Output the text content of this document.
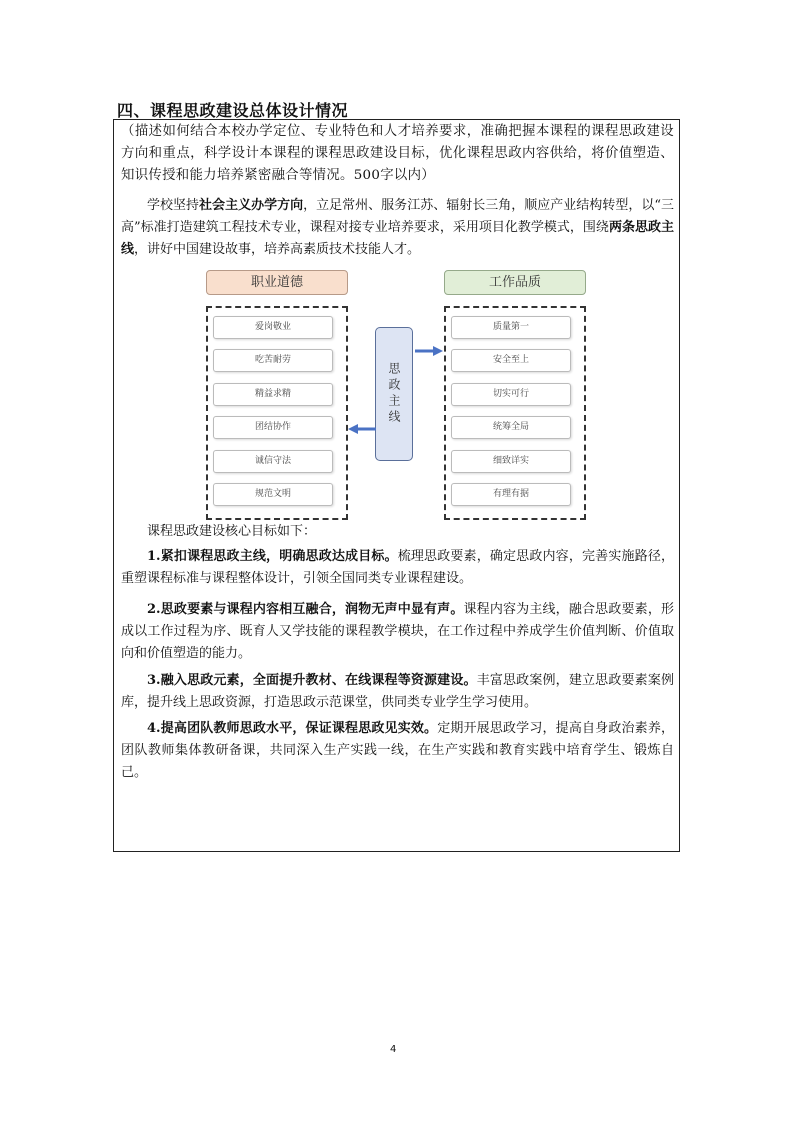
四、课程思政建设总体设计情况
（描述如何结合本校办学定位、专业特色和人才培养要求，准确把握本课程的课程思政建设方向和重点，科学设计本课程的课程思政建设目标，优化课程思政内容供给，将价值塑造、知识传授和能力培养紧密融合等情况。500字以内）
学校坚持社会主义办学方向，立足常州、服务江苏、辐射长三角，顺应产业结构转型，以“三高”标准打造建筑工程技术专业，课程对接专业培养要求，采用项目化教学模式，围绕两条思政主线，讲好中国建设故事，培养高素质技术技能人才。
职业道德	工作品质
爱岗敬业
吃苦耐劳
精益求精
团结协作
诚信守法
规范文明
质量第一
安全至上
切实可行
统筹全局
细致详实
有理有据
思政主线
课程思政建设核心目标如下：
1.紧扣课程思政主线，明确思政达成目标。梳理思政要素，确定思政内容，完善实施路径，重塑课程标准与课程整体设计，引领全国同类专业课程建设。
2.思政要素与课程内容相互融合，润物无声中显有声。课程内容为主线，融合思政要素，形成以工作过程为序、既育人又学技能的课程教学模块，在工作过程中养成学生价值判断、价值取向和价值塑造的能力。
3.融入思政元素，全面提升教材、在线课程等资源建设。丰富思政案例，建立思政要素案例库，提升线上思政资源，打造思政示范课堂，供同类专业学生学习使用。
4.提高团队教师思政水平，保证课程思政见实效。定期开展思政学习，提高自身政治素养，团队教师集体教研备课，共同深入生产实践一线，在生产实践和教育实践中培育学生、锻炼自己。
4
